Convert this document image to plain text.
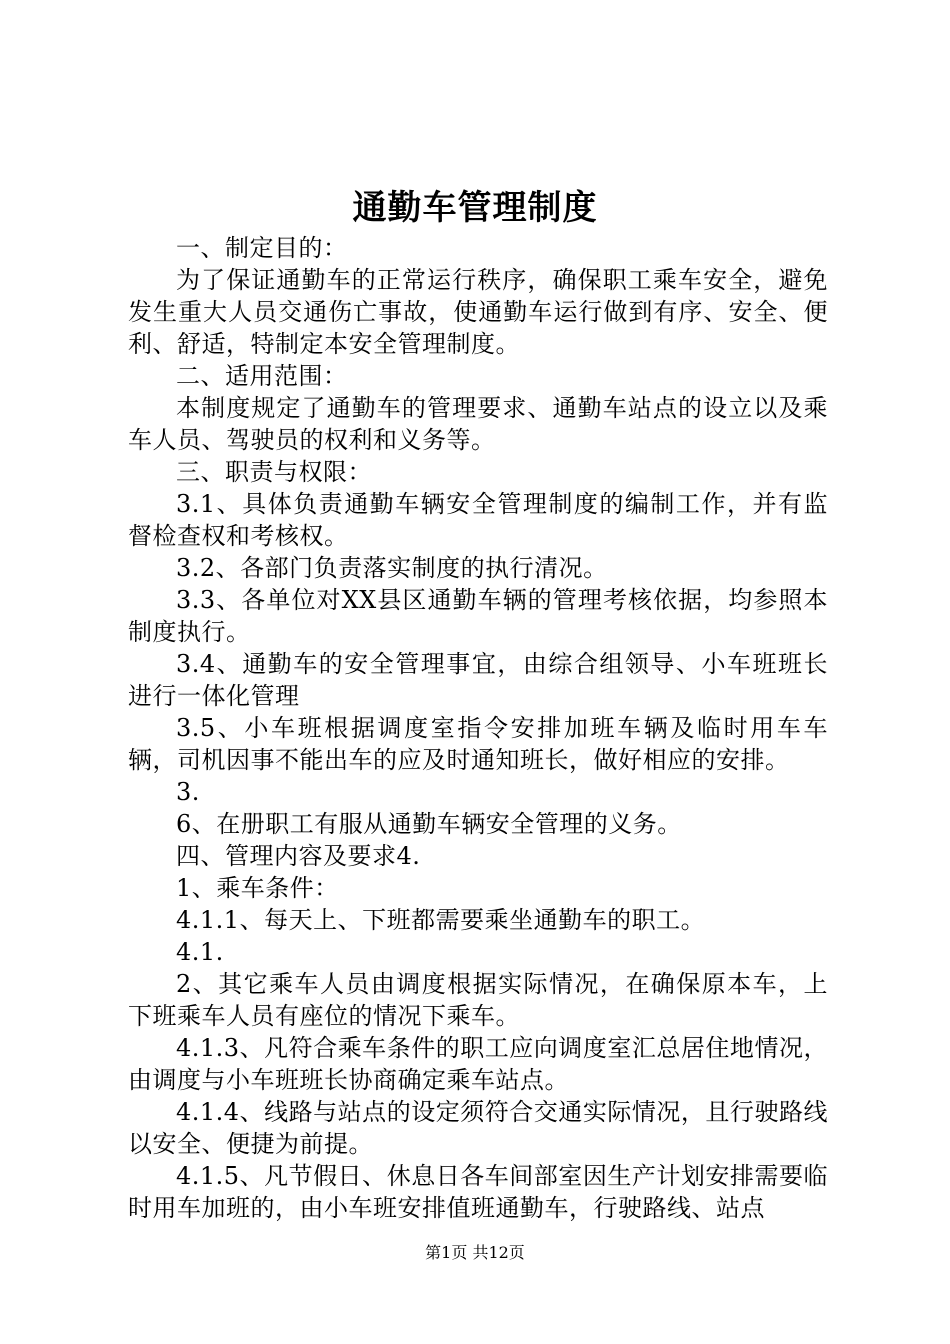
通勤车管理制度

一、制定目的：

为了保证通勤车的正常运行秩序，确保职工乘车安全，避免发生重大人员交通伤亡事故，使通勤车运行做到有序、安全、便利、舒适，特制定本安全管理制度。

二、适用范围：

本制度规定了通勤车的管理要求、通勤车站点的设立以及乘车人员、驾驶员的权利和义务等。

三、职责与权限：

3.1、具体负责通勤车辆安全管理制度的编制工作，并有监督检查权和考核权。

3.2、各部门负责落实制度的执行清况。

3.3、各单位对XX县区通勤车辆的管理考核依据，均参照本制度执行。

3.4、通勤车的安全管理事宜，由综合组领导、小车班班长进行一体化管理

3.5、小车班根据调度室指令安排加班车辆及临时用车车辆，司机因事不能出车的应及时通知班长，做好相应的安排。

3.

6、在册职工有服从通勤车辆安全管理的义务。

四、管理内容及要求4.

1、乘车条件：

4.1.1、每天上、下班都需要乘坐通勤车的职工。

4.1.

2、其它乘车人员由调度根据实际情况，在确保原本车，上下班乘车人员有座位的情况下乘车。

4.1.3、凡符合乘车条件的职工应向调度室汇总居住地情况，由调度与小车班班长协商确定乘车站点。

4.1.4、线路与站点的设定须符合交通实际情况，且行驶路线以安全、便捷为前提。

4.1.5、凡节假日、休息日各车间部室因生产计划安排需要临时用车加班的，由小车班安排值班通勤车，行驶路线、站点

第1页 共12页
